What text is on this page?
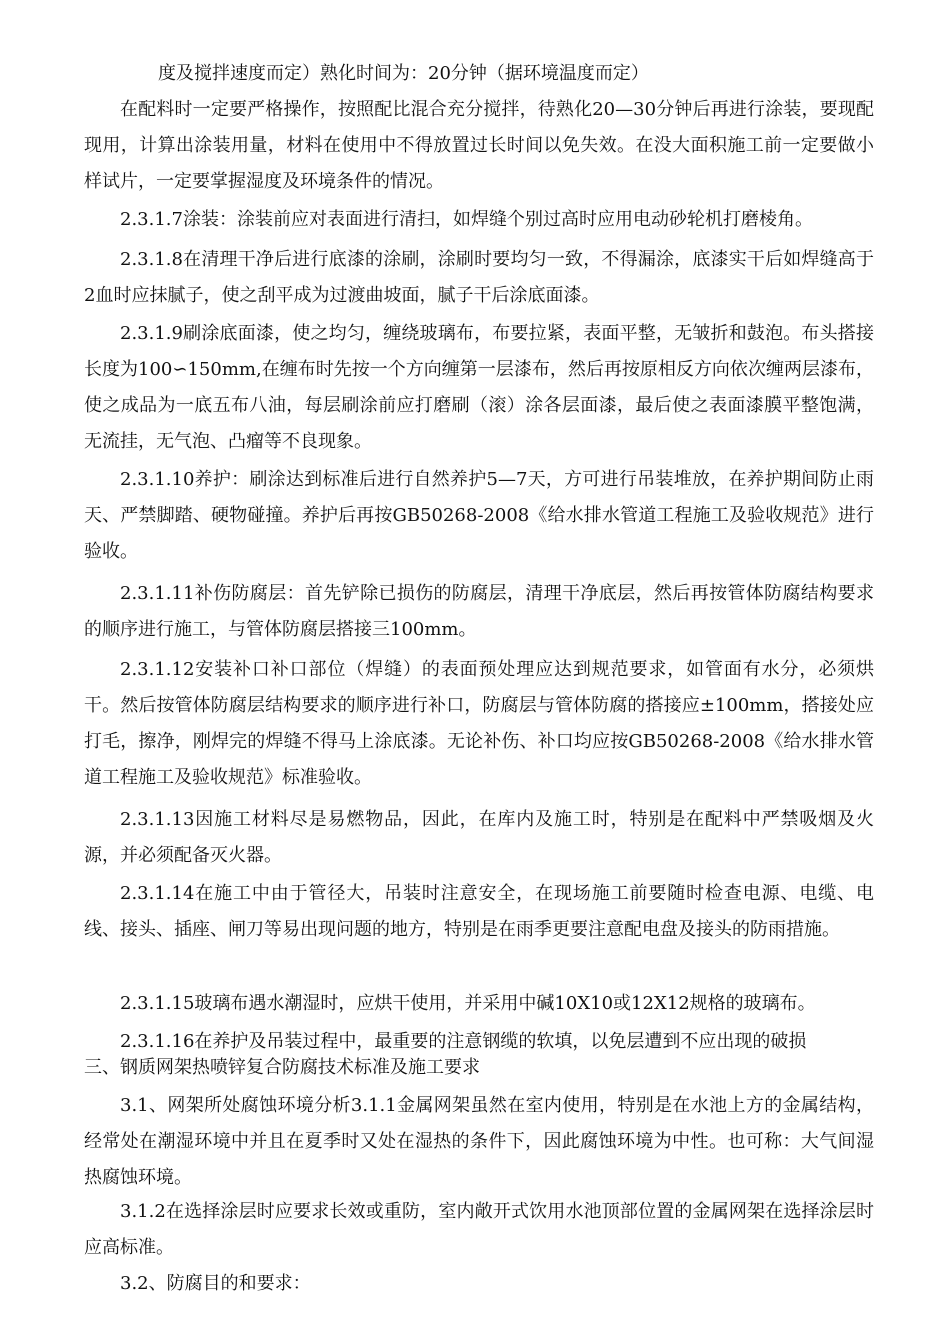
度及搅拌速度而定）熟化时间为：20分钟（据环境温度而定）

在配料时一定要严格操作，按照配比混合充分搅拌，待熟化20—30分钟后再进行涂装，要现配现用，计算出涂装用量，材料在使用中不得放置过长时间以免失效。在没大面积施工前一定要做小样试片，一定要掌握湿度及环境条件的情况。

2.3.1.7涂装：涂装前应对表面进行清扫，如焊缝个别过高时应用电动砂轮机打磨棱角。

2.3.1.8在清理干净后进行底漆的涂刷，涂刷时要均匀一致，不得漏涂，底漆实干后如焊缝高于2血时应抹腻子，使之刮平成为过渡曲坡面，腻子干后涂底面漆。

2.3.1.9刷涂底面漆，使之均匀，缠绕玻璃布，布要拉紧，表面平整，无皱折和鼓泡。布头搭接长度为100∽150mm,在缠布时先按一个方向缠第一层漆布，然后再按原相反方向依次缠两层漆布，使之成品为一底五布八油，每层刷涂前应打磨刷（滚）涂各层面漆，最后使之表面漆膜平整饱满，无流挂，无气泡、凸瘤等不良现象。

2.3.1.10养护：刷涂达到标准后进行自然养护5—7天，方可进行吊装堆放，在养护期间防止雨天、严禁脚踏、硬物碰撞。养护后再按GB50268-2008《给水排水管道工程施工及验收规范》进行验收。

2.3.1.11补伤防腐层：首先铲除已损伤的防腐层，清理干净底层，然后再按管体防腐结构要求的顺序进行施工，与管体防腐层搭接三100mm。

2.3.1.12安装补口补口部位（焊缝）的表面预处理应达到规范要求，如管面有水分，必须烘干。然后按管体防腐层结构要求的顺序进行补口，防腐层与管体防腐的搭接应±100mm，搭接处应打毛，擦净，刚焊完的焊缝不得马上涂底漆。无论补伤、补口均应按GB50268-2008《给水排水管道工程施工及验收规范》标准验收。

2.3.1.13因施工材料尽是易燃物品，因此，在库内及施工时，特别是在配料中严禁吸烟及火源，并必须配备灭火器。

2.3.1.14在施工中由于管径大，吊装时注意安全，在现场施工前要随时检查电源、电缆、电线、接头、插座、闸刀等易出现问题的地方，特别是在雨季更要注意配电盘及接头的防雨措施。

2.3.1.15玻璃布遇水潮湿时，应烘干使用，并采用中碱10X10或12X12规格的玻璃布。

2.3.1.16在养护及吊装过程中，最重要的注意钢缆的软填，以免层遭到不应出现的破损

三、钢质网架热喷锌复合防腐技术标准及施工要求

3.1、网架所处腐蚀环境分析3.1.1金属网架虽然在室内使用，特别是在水池上方的金属结构，经常处在潮湿环境中并且在夏季时又处在湿热的条件下，因此腐蚀环境为中性。也可称：大气间湿热腐蚀环境。

3.1.2在选择涂层时应要求长效或重防，室内敞开式饮用水池顶部位置的金属网架在选择涂层时应高标准。

3.2、防腐目的和要求：
